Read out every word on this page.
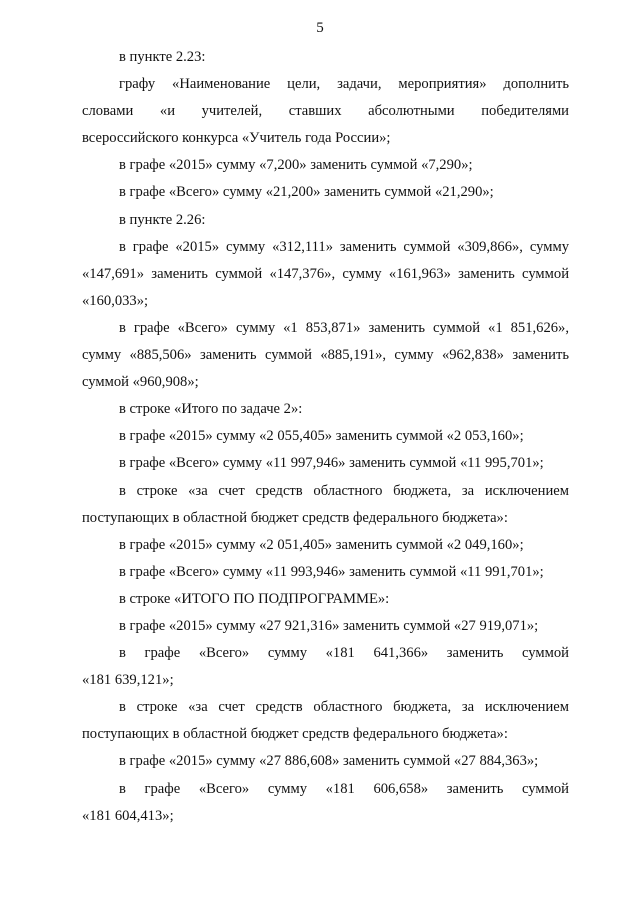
5
в пункте 2.23:
графу «Наименование цели, задачи, мероприятия» дополнить
словами «и учителей, ставших абсолютными победителями
всероссийского конкурса «Учитель года России»;
в графе «2015» сумму «7,200» заменить суммой «7,290»;
в графе «Всего» сумму «21,200» заменить суммой «21,290»;
в пункте 2.26:
в графе «2015» сумму «312,111» заменить суммой «309,866», сумму
«147,691» заменить суммой «147,376», сумму «161,963» заменить суммой
«160,033»;
в графе «Всего» сумму «1 853,871» заменить суммой «1 851,626»,
сумму «885,506» заменить суммой «885,191», сумму «962,838» заменить
суммой «960,908»;
в строке «Итого по задаче 2»:
в графе «2015» сумму «2 055,405» заменить суммой «2 053,160»;
в графе «Всего» сумму «11 997,946» заменить суммой «11 995,701»;
в строке «за счет средств областного бюджета, за исключением
поступающих в областной бюджет средств федерального бюджета»:
в графе «2015» сумму «2 051,405» заменить суммой «2 049,160»;
в графе «Всего» сумму «11 993,946» заменить суммой «11 991,701»;
в строке «ИТОГО ПО ПОДПРОГРАММЕ»:
в графе «2015» сумму «27 921,316» заменить суммой «27 919,071»;
в графе «Всего» сумму «181 641,366» заменить суммой
«181 639,121»;
в строке «за счет средств областного бюджета, за исключением
поступающих в областной бюджет средств федерального бюджета»:
в графе «2015» сумму «27 886,608» заменить суммой «27 884,363»;
в графе «Всего» сумму «181 606,658» заменить суммой
«181 604,413»;
